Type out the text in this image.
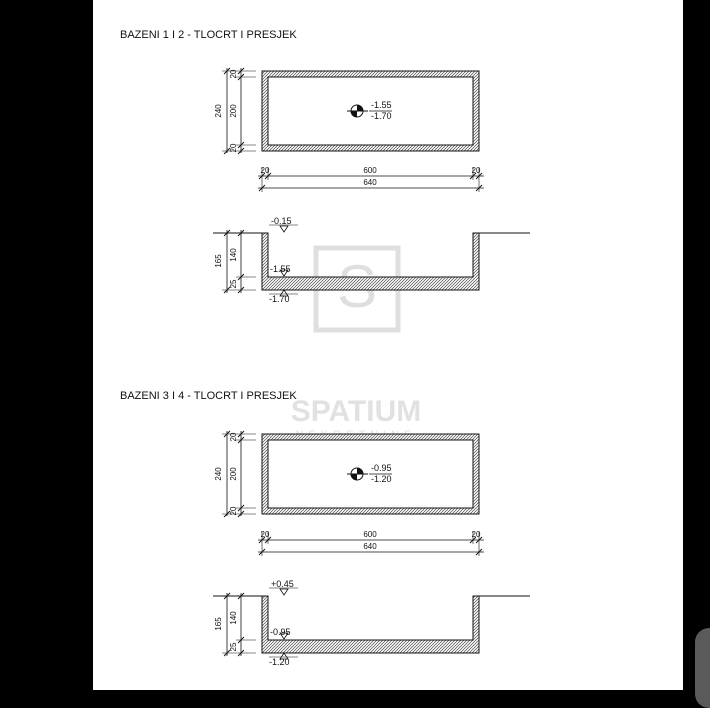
SPATIUM
BAZENI 1 I 2 - TLOCRT I PRESJEK
-1.55
-1.70
240 200
20
20
20	20
600
640
-0.15
-1.55
-1.70
165 140
25
BAZENI 3 I 4 - TLOCRT I PRESJEK
-0.95
-1.20
240 200
20
20
20	20
600
640
+0.45
-0.95
-1.20
165 140
25
